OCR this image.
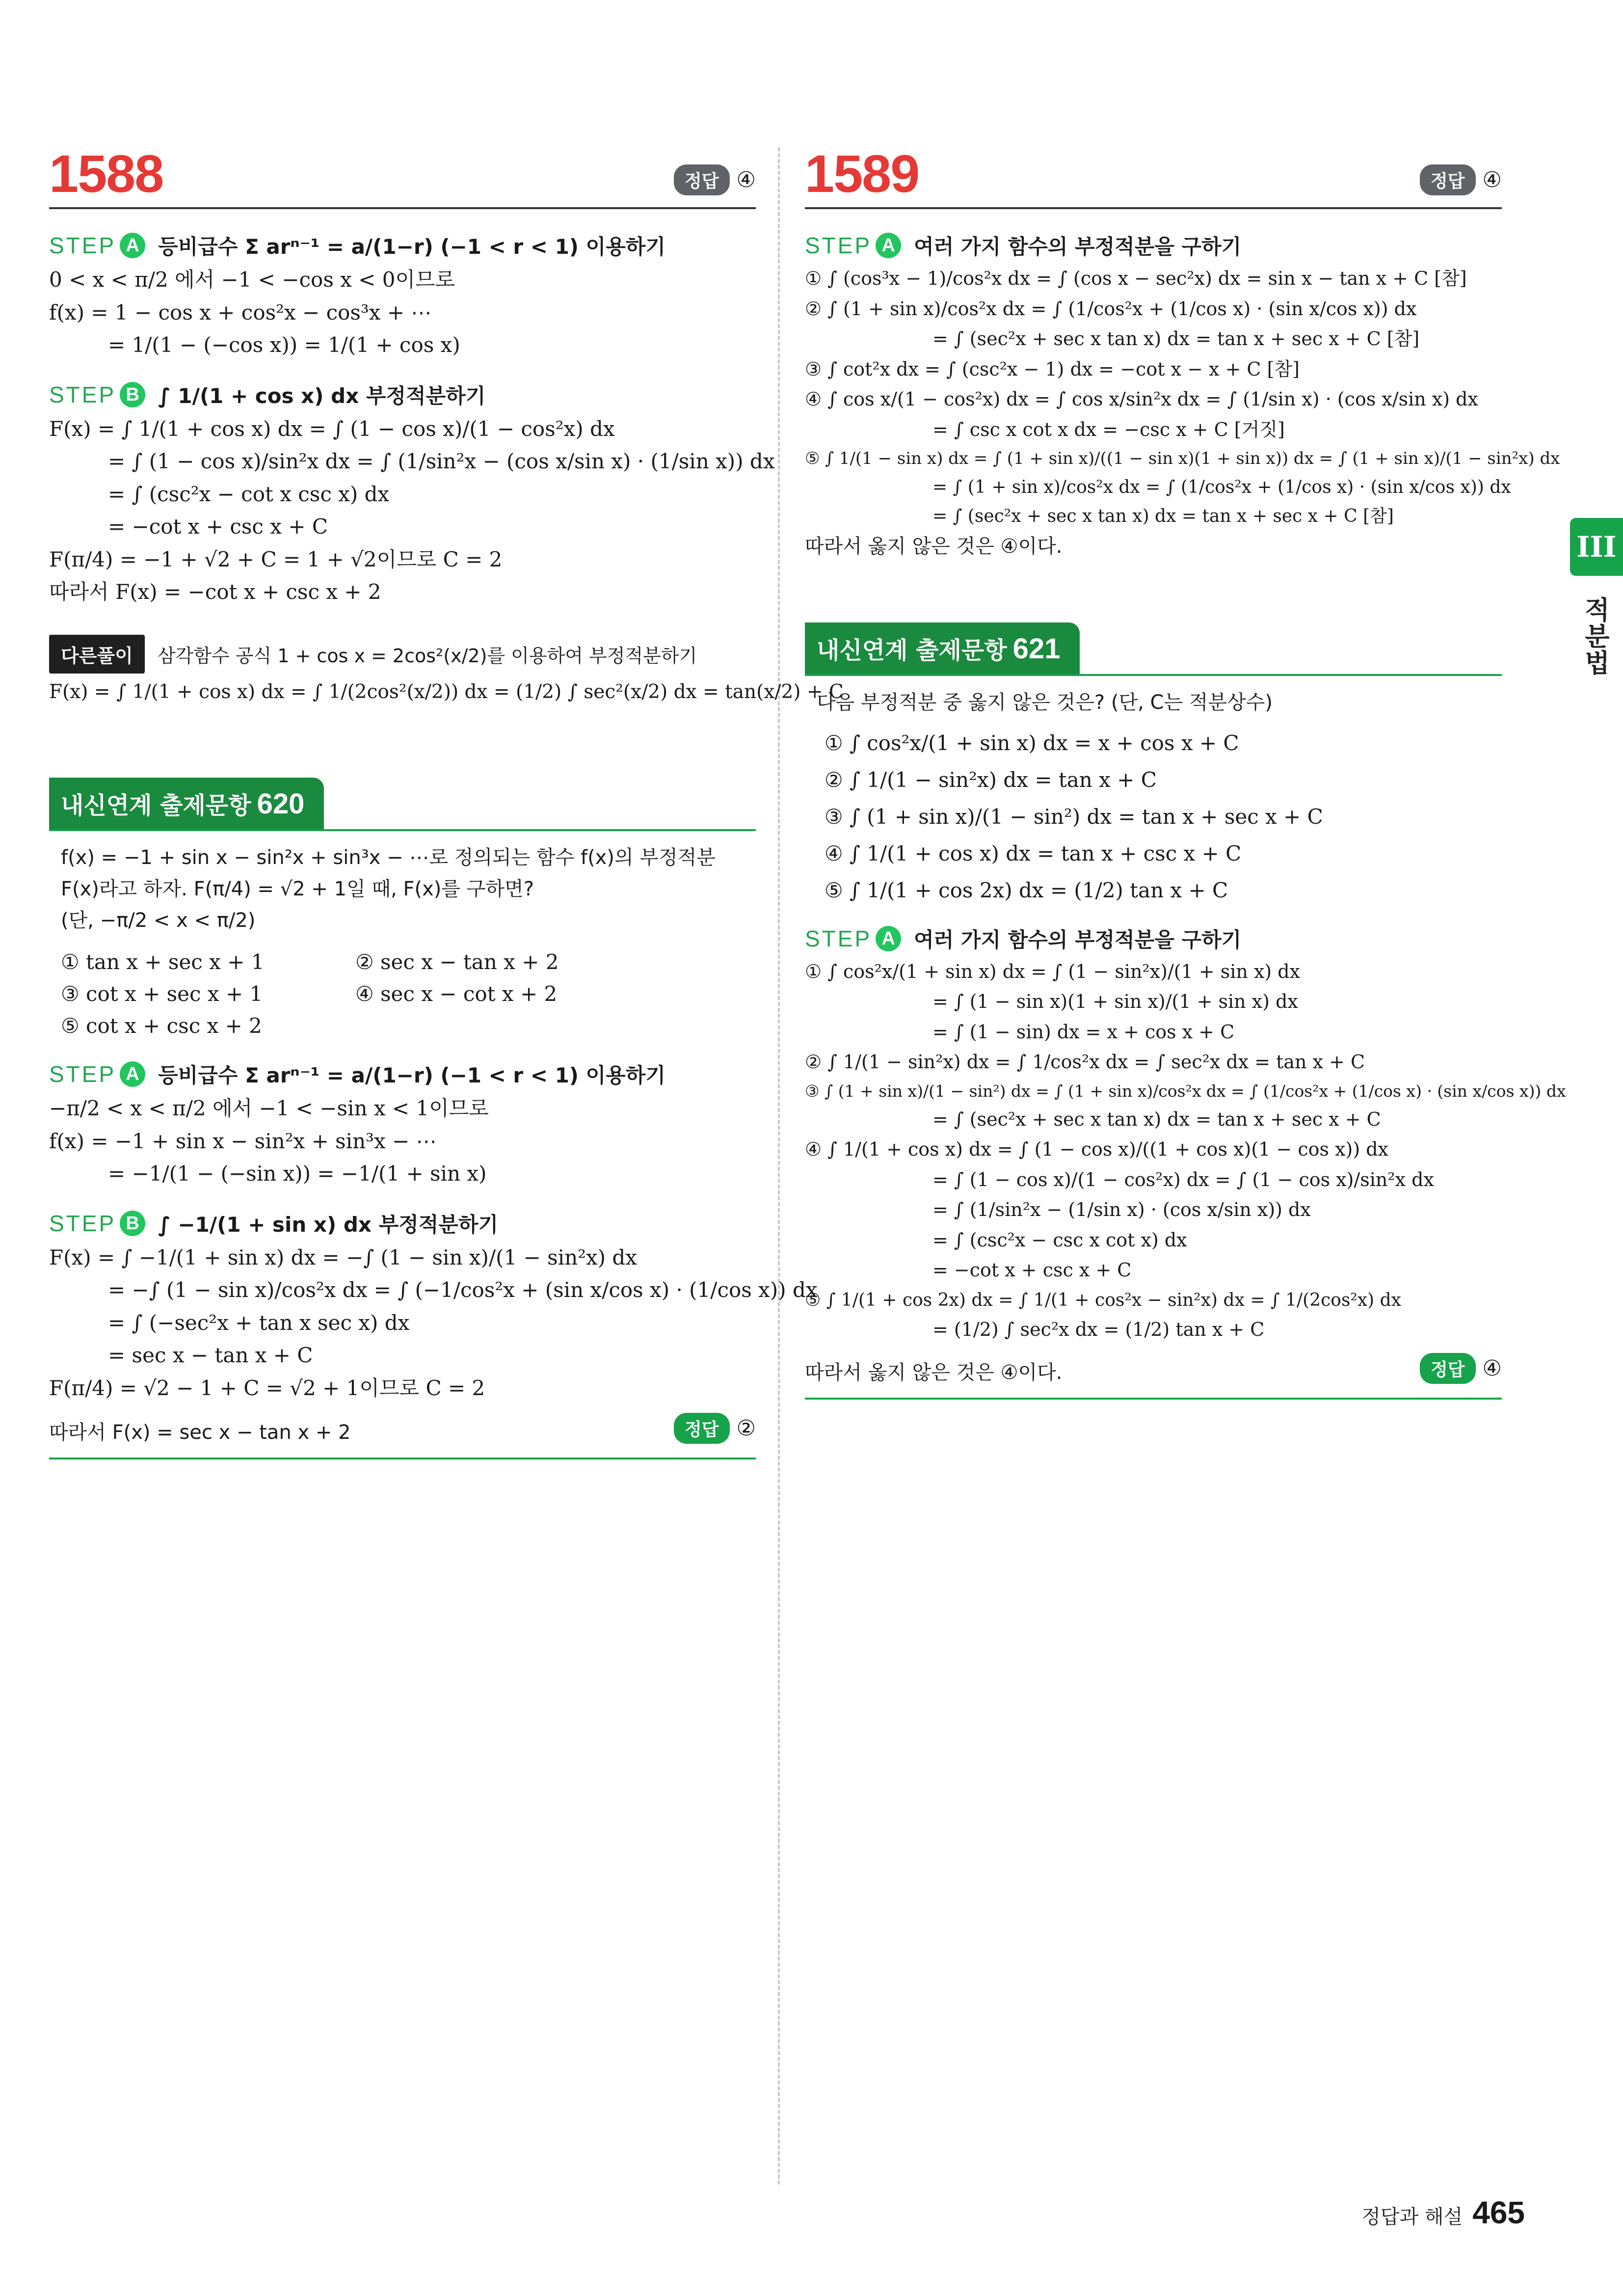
III
적분법
1588	정답 ④
STEP A 등비급수 Σ arⁿ⁻¹ = a/(1−r) (−1 < r < 1) 이용하기
0 < x < π/2 에서 −1 < −cos x < 0이므로
f(x) = 1 − cos x + cos²x − cos³x + ⋯
= 1/(1 − (−cos x)) = 1/(1 + cos x)
STEP B ∫ 1/(1 + cos x) dx 부정적분하기
F(x) = ∫ 1/(1 + cos x) dx = ∫ (1 − cos x)/(1 − cos²x) dx
= ∫ (1 − cos x)/sin²x dx = ∫ (1/sin²x − (cos x/sin x) · (1/sin x)) dx
= ∫ (csc²x − cot x csc x) dx
= −cot x + csc x + C
F(π/4) = −1 + √2 + C = 1 + √2이므로 C = 2
따라서 F(x) = −cot x + csc x + 2
다른풀이	삼각함수 공식 1 + cos x = 2cos²(x/2)를 이용하여 부정적분하기
F(x) = ∫ 1/(1 + cos x) dx = ∫ 1/(2cos²(x/2)) dx = (1/2) ∫ sec²(x/2) dx = tan(x/2) + C
내신연계 출제문항 620
f(x) = −1 + sin x − sin²x + sin³x − ⋯로 정의되는 함수 f(x)의 부정적분
F(x)라고 하자. F(π/4) = √2 + 1일 때, F(x)를 구하면?
(단, −π/2 < x < π/2)
① tan x + sec x + 1	② sec x − tan x + 2
③ cot x + sec x + 1	④ sec x − cot x + 2
⑤ cot x + csc x + 2
STEP A 등비급수 Σ arⁿ⁻¹ = a/(1−r) (−1 < r < 1) 이용하기
−π/2 < x < π/2 에서 −1 < −sin x < 1이므로
f(x) = −1 + sin x − sin²x + sin³x − ⋯
= −1/(1 − (−sin x)) = −1/(1 + sin x)
STEP B ∫ −1/(1 + sin x) dx 부정적분하기
F(x) = ∫ −1/(1 + sin x) dx = −∫ (1 − sin x)/(1 − sin²x) dx
= −∫ (1 − sin x)/cos²x dx = ∫ (−1/cos²x + (sin x/cos x) · (1/cos x)) dx
= ∫ (−sec²x + tan x sec x) dx
= sec x − tan x + C
F(π/4) = √2 − 1 + C = √2 + 1이므로 C = 2
따라서 F(x) = sec x − tan x + 2	정답 ②
1589	정답 ④
STEP A 여러 가지 함수의 부정적분을 구하기
① ∫ (cos³x − 1)/cos²x dx = ∫ (cos x − sec²x) dx = sin x − tan x + C [참]
② ∫ (1 + sin x)/cos²x dx = ∫ (1/cos²x + (1/cos x) · (sin x/cos x)) dx
= ∫ (sec²x + sec x tan x) dx = tan x + sec x + C [참]
③ ∫ cot²x dx = ∫ (csc²x − 1) dx = −cot x − x + C [참]
④ ∫ cos x/(1 − cos²x) dx = ∫ cos x/sin²x dx = ∫ (1/sin x) · (cos x/sin x) dx
= ∫ csc x cot x dx = −csc x + C [거짓]
⑤ ∫ 1/(1 − sin x) dx = ∫ (1 + sin x)/((1 − sin x)(1 + sin x)) dx = ∫ (1 + sin x)/(1 − sin²x) dx
= ∫ (1 + sin x)/cos²x dx = ∫ (1/cos²x + (1/cos x) · (sin x/cos x)) dx
= ∫ (sec²x + sec x tan x) dx = tan x + sec x + C [참]
따라서 옳지 않은 것은 ④이다.
내신연계 출제문항 621
다음 부정적분 중 옳지 않은 것은? (단, C는 적분상수)
① ∫ cos²x/(1 + sin x) dx = x + cos x + C
② ∫ 1/(1 − sin²x) dx = tan x + C
③ ∫ (1 + sin x)/(1 − sin²) dx = tan x + sec x + C
④ ∫ 1/(1 + cos x) dx = tan x + csc x + C
⑤ ∫ 1/(1 + cos 2x) dx = (1/2) tan x + C
STEP A 여러 가지 함수의 부정적분을 구하기
① ∫ cos²x/(1 + sin x) dx = ∫ (1 − sin²x)/(1 + sin x) dx
= ∫ (1 − sin x)(1 + sin x)/(1 + sin x) dx
= ∫ (1 − sin) dx = x + cos x + C
② ∫ 1/(1 − sin²x) dx = ∫ 1/cos²x dx = ∫ sec²x dx = tan x + C
③ ∫ (1 + sin x)/(1 − sin²) dx = ∫ (1 + sin x)/cos²x dx = ∫ (1/cos²x + (1/cos x) · (sin x/cos x)) dx
= ∫ (sec²x + sec x tan x) dx = tan x + sec x + C
④ ∫ 1/(1 + cos x) dx = ∫ (1 − cos x)/((1 + cos x)(1 − cos x)) dx
= ∫ (1 − cos x)/(1 − cos²x) dx = ∫ (1 − cos x)/sin²x dx
= ∫ (1/sin²x − (1/sin x) · (cos x/sin x)) dx
= ∫ (csc²x − csc x cot x) dx
= −cot x + csc x + C
⑤ ∫ 1/(1 + cos 2x) dx = ∫ 1/(1 + cos²x − sin²x) dx = ∫ 1/(2cos²x) dx
= (1/2) ∫ sec²x dx = (1/2) tan x + C
따라서 옳지 않은 것은 ④이다.	정답 ④
정답과 해설 465
